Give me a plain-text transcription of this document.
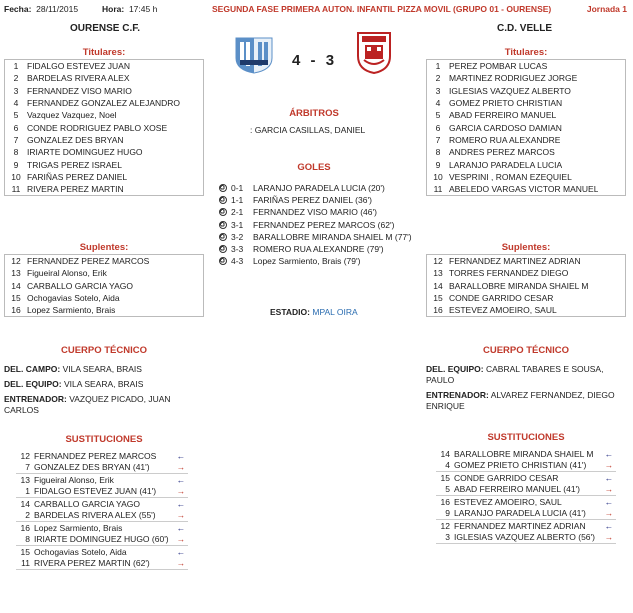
Fecha: 28/11/2015	Hora: 17:45 h	SEGUNDA FASE PRIMERA AUTON. INFANTIL PIZZA MOVIL (GRUPO 01 - OURENSE)	Jornada 1
OURENSE C.F.	C.D. VELLE
4 - 3
Titulares:
1	FIDALGO ESTEVEZ JUAN
2	BARDELAS RIVERA ALEX
3	FERNANDEZ VISO MARIO
4	FERNANDEZ GONZALEZ ALEJANDRO
5	Vazquez Vazquez, Noel
6	CONDE RODRIGUEZ PABLO XOSE
7	GONZALEZ DES BRYAN
8	IRIARTE DOMINGUEZ HUGO
9	TRIGAS PEREZ ISRAEL
10 FARIÑAS PEREZ DANIEL
11 RIVERA PEREZ MARTIN
Suplentes:
12 FERNANDEZ PEREZ MARCOS
13 Figueiral Alonso, Erik
14 CARBALLO GARCIA YAGO
15 Ochogavias Sotelo, Aida
16 Lopez Sarmiento, Brais
Titulares:
1	PEREZ POMBAR LUCAS
2	MARTINEZ RODRIGUEZ JORGE
3	IGLESIAS VAZQUEZ ALBERTO
4	GOMEZ PRIETO CHRISTIAN
5	ABAD FERREIRO MANUEL
6	GARCIA CARDOSO DAMIAN
7	ROMERO RUA ALEXANDRE
8	ANDRES PEREZ MARCOS
9	LARANJO PARADELA LUCIA
10 VESPRINI , ROMAN EZEQUIEL
11 ABELEDO VARGAS VICTOR MANUEL
Suplentes:
12 FERNANDEZ MARTINEZ ADRIAN
13 TORRES FERNANDEZ DIEGO
14 BARALLOBRE MIRANDA SHAIEL M
15 CONDE GARRIDO CESAR
16 ESTEVEZ AMOEIRO, SAUL
ÁRBITROS
: GARCIA CASILLAS, DANIEL
GOLES
0-1	LARANJO PARADELA LUCIA (20')
1-1	FARIÑAS PEREZ DANIEL (36')
2-1	FERNANDEZ VISO MARIO (46')
3-1	FERNANDEZ PEREZ MARCOS (62')
3-2	BARALLOBRE MIRANDA SHAIEL M (77')
3-3	ROMERO RUA ALEXANDRE (79')
4-3	Lopez Sarmiento, Brais (79')
ESTADIO: MPAL OIRA
CUERPO TÉCNICO
DEL. CAMPO: VILA SEARA, BRAIS
DEL. EQUIPO: VILA SEARA, BRAIS
ENTRENADOR: VAZQUEZ PICADO, JUAN CARLOS
CUERPO TÉCNICO
DEL. EQUIPO: CABRAL TABARES E SOUSA, PAULO
ENTRENADOR: ALVAREZ FERNANDEZ, DIEGO ENRIQUE
SUSTITUCIONES
12 FERNANDEZ PEREZ MARCOS	←
7 GONZALEZ DES BRYAN (41')	→
13 Figueiral Alonso, Erik	←
1 FIDALGO ESTEVEZ JUAN (41')	→
14 CARBALLO GARCIA YAGO	←
2 BARDELAS RIVERA ALEX (55')	→
16 Lopez Sarmiento, Brais	←
8 IRIARTE DOMINGUEZ HUGO (60') →
15 Ochogavias Sotelo, Aida	←
11 RIVERA PEREZ MARTIN (62')	→
SUSTITUCIONES
14 BARALLOBRE MIRANDA SHAIEL M	←
4 GOMEZ PRIETO CHRISTIAN (41')	→
15 CONDE GARRIDO CESAR	←
5 ABAD FERREIRO MANUEL (41')	→
16 ESTEVEZ AMOEIRO, SAUL	←
9 LARANJO PARADELA LUCIA (41')	→
12 FERNANDEZ MARTINEZ ADRIAN	←
3 IGLESIAS VAZQUEZ ALBERTO (56')	→
